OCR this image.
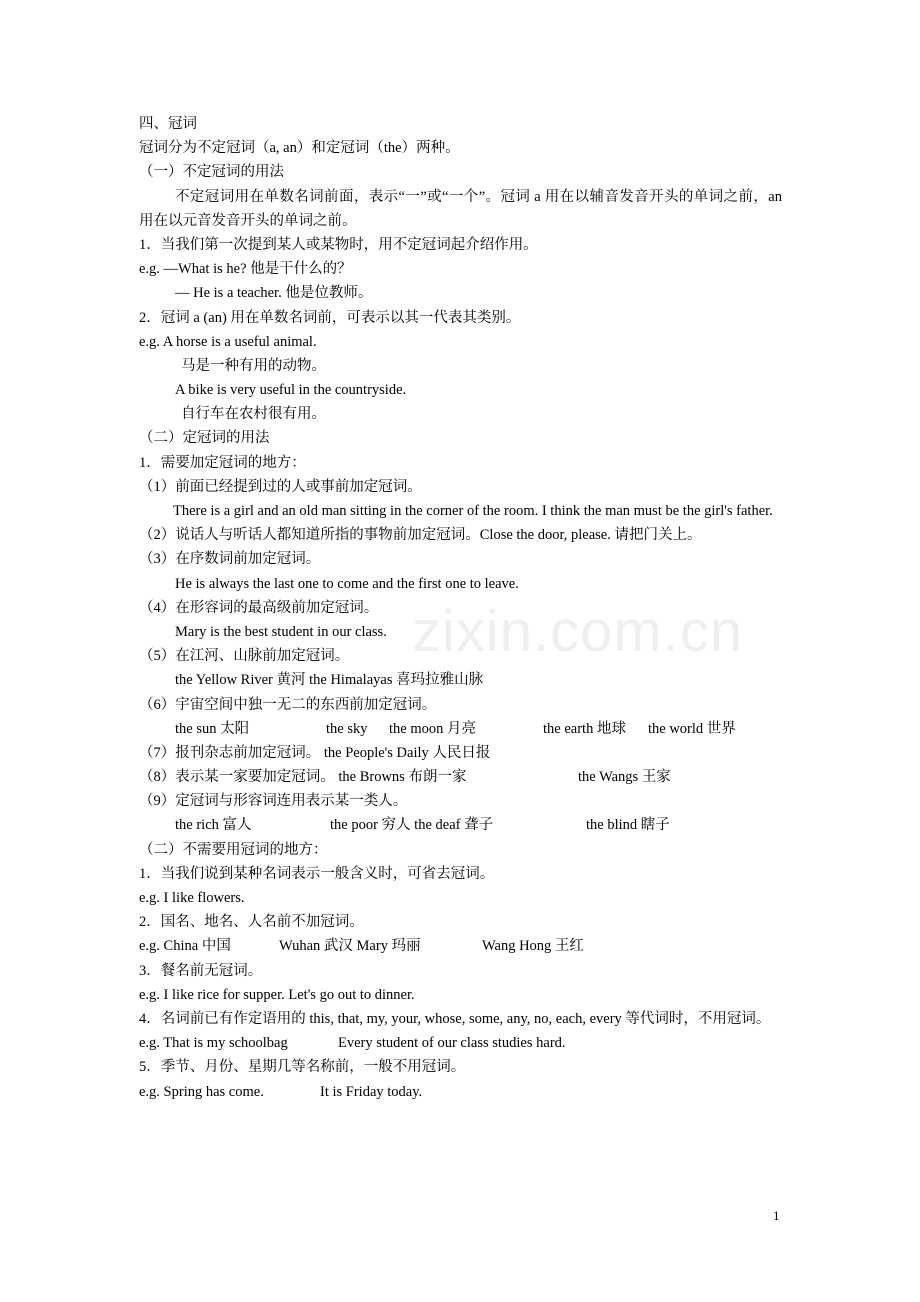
四、冠词
冠词分为不定冠词（a, an）和定冠词（the）两种。
（一）不定冠词的用法
不定冠词用在单数名词前面，表示“一”或“一个”。冠词 a 用在以辅音发音开头的单词之前，an 用在以元音发音开头的单词之前。
1．当我们第一次提到某人或某物时，用不定冠词起介绍作用。
e.g. —What is he? 他是干什么的？
— He is a teacher. 他是位教师。
2．冠词 a (an) 用在单数名词前，可表示以其一代表其类别。
e.g. A horse is a useful animal.
马是一种有用的动物。
A bike is very useful in the countryside.
自行车在农村很有用。
（二）定冠词的用法
1．需要加定冠词的地方：
（1）前面已经提到过的人或事前加定冠词。
There is a girl and an old man sitting in the corner of the room. I think the man must be the girl's father.
（2）说话人与听话人都知道所指的事物前加定冠词。Close the door, please. 请把门关上。
（3）在序数词前加定冠词。
He is always the last one to come and the first one to leave.
（4）在形容词的最高级前加定冠词。
Mary is the best student in our class.
（5）在江河、山脉前加定冠词。
the Yellow River 黄河 the Himalayas 喜玛拉雅山脉
（6）宇宙空间中独一无二的东西前加定冠词。
the sun 太阳	the sky the moon 月亮	the earth 地球 the world 世界
（7）报刊杂志前加定冠词。 the People's Daily 人民日报
（8）表示某一家要加定冠词。 the Browns 布朗一家	the Wangs 王家
（9）定冠词与形容词连用表示某一类人。
the rich 富人	the poor 穷人 the deaf 聋子	the blind 瞎子
（二）不需要用冠词的地方：
1．当我们说到某种名词表示一般含义时，可省去冠词。
e.g. I like flowers.
2．国名、地名、人名前不加冠词。
e.g. China 中国	Wuhan 武汉 Mary 玛丽	Wang Hong 王红
3．餐名前无冠词。
e.g. I like rice for supper. Let's go out to dinner.
4．名词前已有作定语用的 this, that, my, your, whose, some, any, no, each, every 等代词时，不用冠词。
e.g. That is my schoolbag	Every student of our class studies hard.
5．季节、月份、星期几等名称前，一般不用冠词。
e.g. Spring has come.	It is Friday today.
zixin.com.cn
1
